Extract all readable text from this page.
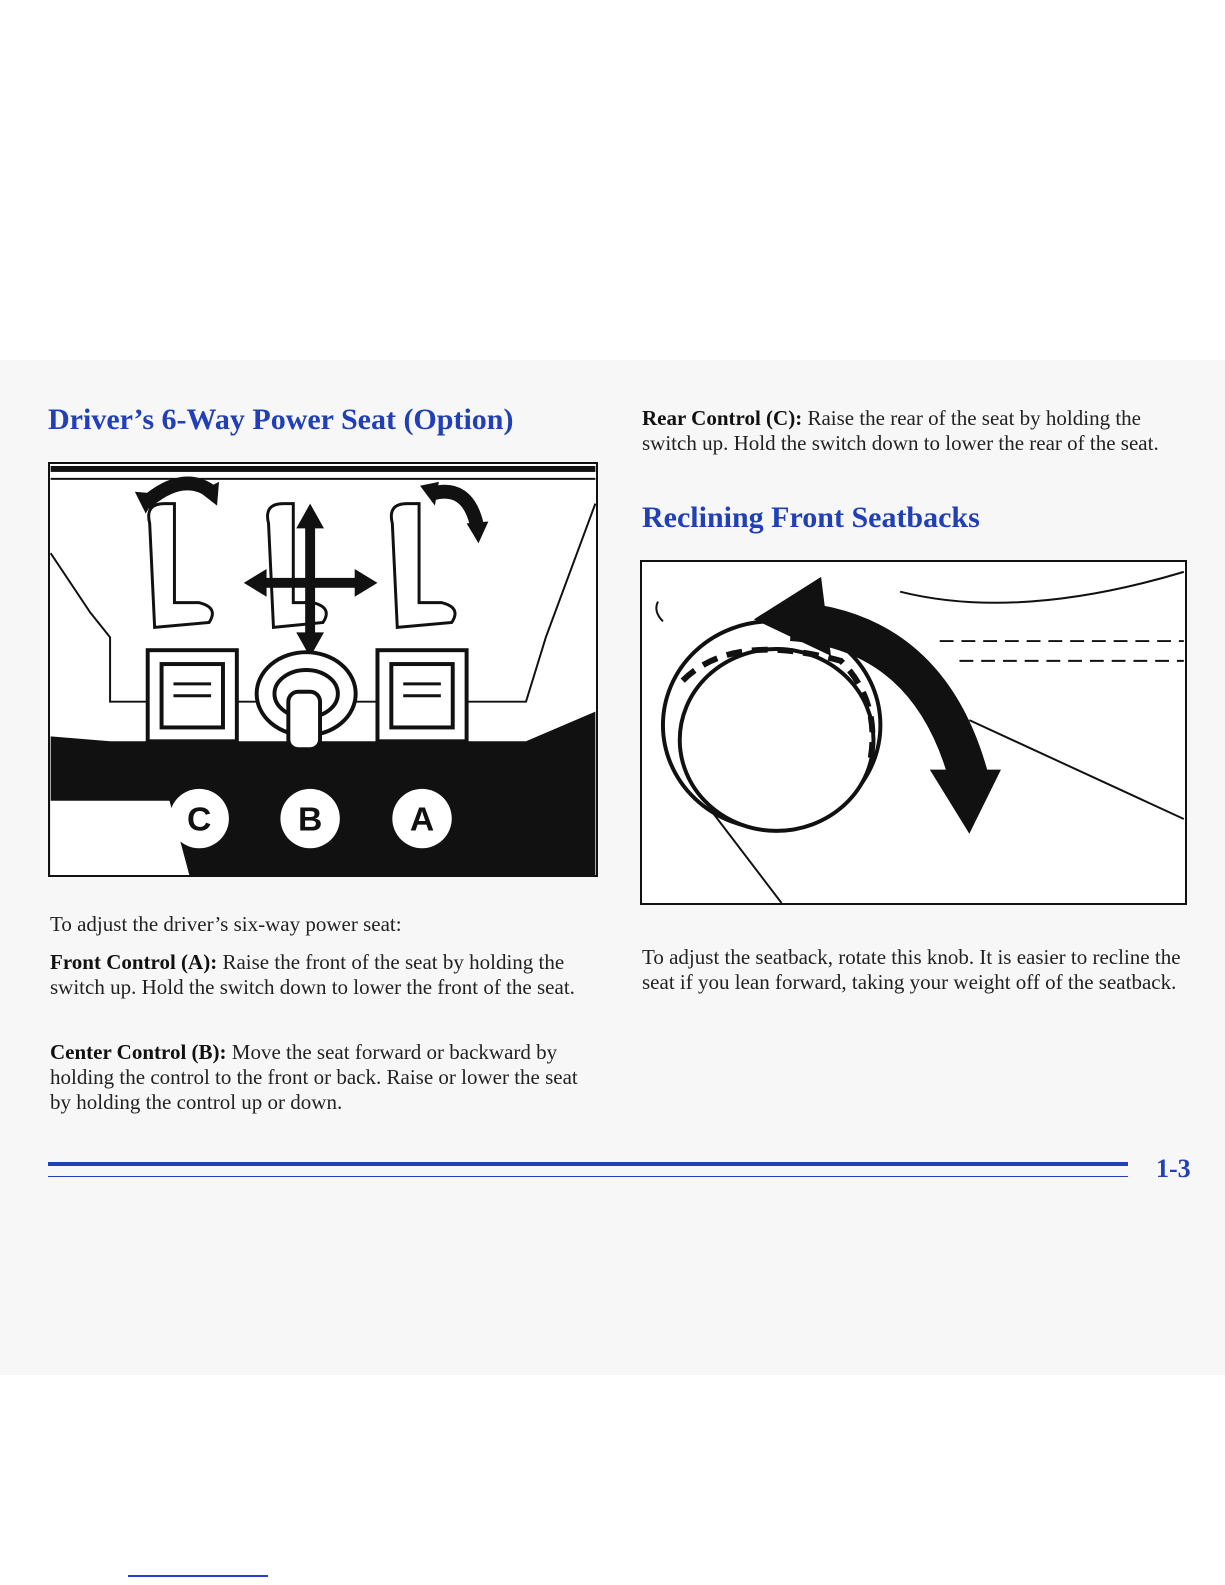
Driver’s 6-Way Power Seat (Option)
C	B	A

To adjust the driver’s six-way power seat:

Front Control (A): Raise the front of the seat by holding the switch up. Hold the switch down to lower the front of the seat.

Center Control (B): Move the seat forward or backward by holding the control to the front or back. Raise or lower the seat by holding the control up or down.

Rear Control (C): Raise the rear of the seat by holding the switch up. Hold the switch down to lower the rear of the seat.

Reclining Front Seatbacks

To adjust the seatback, rotate this knob. It is easier to recline the seat if you lean forward, taking your weight off of the seatback.

1-3
